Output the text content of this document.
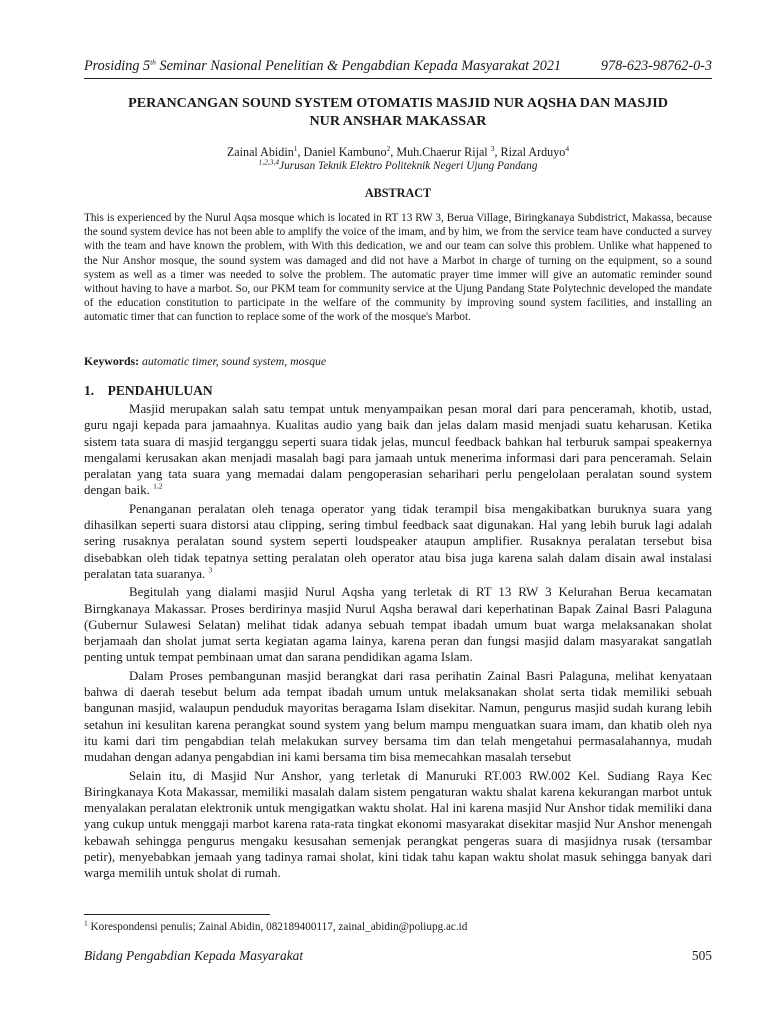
Prosiding 5th Seminar Nasional Penelitian & Pengabdian Kepada Masyarakat 2021	978-623-98762-0-3
PERANCANGAN SOUND SYSTEM OTOMATIS MASJID NUR AQSHA DAN MASJID
NUR ANSHAR MAKASSAR
Zainal Abidin$^1$, Daniel Kambuno$^2$, Muh.Chaerur Rijal $^3$, Rizal Arduyo$^4$
$^{1,2,3,4}$Jurusan Teknik Elektro Politeknik Negeri Ujung Pandang
ABSTRACT
This is experienced by the Nurul Aqsa mosque which is located in RT 13 RW 3, Berua Village, Biringkanaya Subdistrict, Makassa, because the sound system device has not been able to amplify the voice of the imam, and by him, we from the service team have conducted a survey with the team and have known the problem, with With this dedication, we and our team can solve this problem. Unlike what happened to the Nur Anshor mosque, the sound system was damaged and did not have a Marbot in charge of turning on the equipment, so a sound system as well as a timer was needed to solve the problem. The automatic prayer time immer will give an automatic reminder sound without having to have a marbot. So, our PKM team for community service at the Ujung Pandang State Polytechnic developed the mandate of the education constitution to participate in the welfare of the community by improving sound system facilities, and installing an automatic timer that can function to replace some of the work of the mosque's Marbot.
Keywords: automatic timer, sound system, mosque
1. PENDAHULUAN

Masjid merupakan salah satu tempat untuk menyampaikan pesan moral dari para penceramah, khotib, ustad, guru ngaji kepada para jamaahnya. Kualitas audio yang baik dan jelas dalam masid menjadi suatu keharusan. Ketika sistem tata suara di masjid terganggu seperti suara tidak jelas, muncul feedback bahkan hal terburuk sampai speakernya mengalami kerusakan akan menjadi masalah bagi para jamaah untuk menerima informasi dari para penceramah. Selain peralatan yang tata suara yang memadai dalam pengoperasian seharihari perlu pengelolaan peralatan sound system dengan baik. $^{1,2}$

Penanganan peralatan oleh tenaga operator yang tidak terampil bisa mengakibatkan buruknya suara yang dihasilkan seperti suara distorsi atau clipping, sering timbul feedback saat digunakan. Hal yang lebih buruk lagi adalah sering rusaknya peralatan sound system seperti loudspeaker ataupun amplifier. Rusaknya peralatan tersebut bisa disebabkan oleh tidak tepatnya setting peralatan oleh operator atau bisa juga karena salah dalam disain awal instalasi peralatan tata suaranya. $^3$

Begitulah yang dialami masjid Nurul Aqsha yang terletak di RT 13 RW 3 Kelurahan Berua kecamatan Birngkanaya Makassar. Proses berdirinya masjid Nurul Aqsha berawal dari keperhatinan Bapak Zainal Basri Palaguna (Gubernur Sulawesi Selatan) melihat tidak adanya sebuah tempat ibadah umum buat warga melaksanakan sholat berjamaah dan sholat jumat serta kegiatan agama lainya, karena peran dan fungsi masjid dalam masyarakat sangatlah penting untuk tempat pembinaan umat dan sarana pendidikan agama Islam.

Dalam Proses pembangunan masjid berangkat dari rasa perihatin Zainal Basri Palaguna, melihat kenyataan bahwa di daerah tesebut belum ada tempat ibadah umum untuk melaksanakan sholat serta tidak memiliki sebuah bangunan masjid, walaupun penduduk mayoritas beragama Islam disekitar. Namun, pengurus masjid sudah kurang lebih setahun ini kesulitan karena perangkat sound system yang belum mampu menguatkan suara imam, dan khatib oleh nya itu kami dari tim pengabdian telah melakukan survey bersama tim dan telah mengetahui permasalahannya, mudah mudahan dengan adanya pengabdian ini kami bersama tim bisa memecahkan masalah tersebut

Selain itu, di Masjid Nur Anshor, yang terletak di Manuruki RT.003 RW.002 Kel. Sudiang Raya Kec Biringkanaya Kota Makassar, memiliki masalah dalam sistem pengaturan waktu shalat karena kekurangan marbot untuk menyalakan peralatan elektronik untuk mengigatkan waktu sholat. Hal ini karena masjid Nur Anshor tidak memiliki dana yang cukup untuk menggaji marbot karena rata-rata tingkat ekonomi masyarakat disekitar masjid Nur Anshor menengah kebawah sehingga pengurus mengaku kesusahan semenjak perangkat pengeras suara di masjidnya rusak (tersambar petir), menyebabkan jemaah yang tadinya ramai sholat, kini tidak tahu kapan waktu sholat masuk sehingga banyak dari warga memilih untuk sholat di rumah.

$^1$ Korespondensi penulis; Zainal Abidin, 082189400117, zainal_abidin@poliupg.ac.id
Bidang Pengabdian Kepada Masyarakat	505
